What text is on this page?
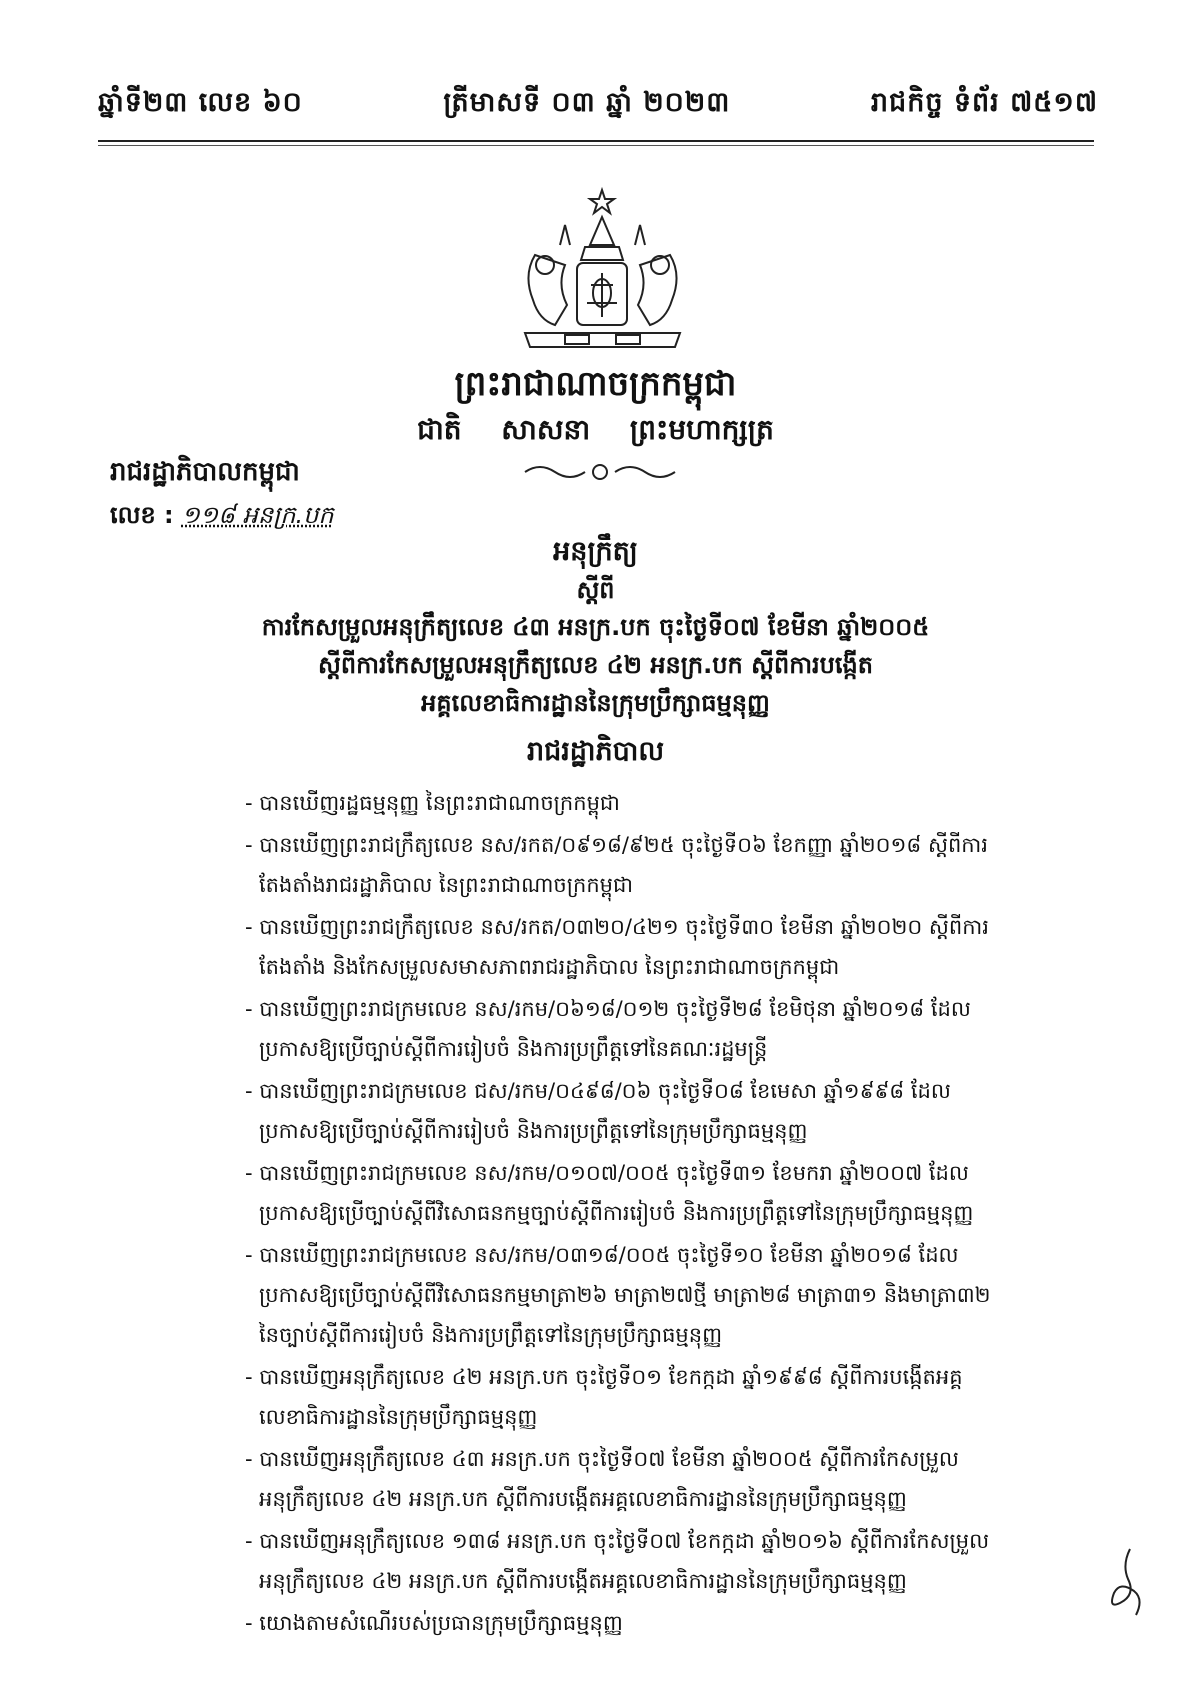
ឆ្នាំទី២៣ លេខ ៦០	ត្រីមាសទី ០៣ ឆ្នាំ ២០២៣	រាជកិច្ច ទំព័រ ៧៥១៧
ព្រះរាជាណាចក្រកម្ពុជា
ជាតិ សាសនា ព្រះមហាក្សត្រ
រាជរដ្ឋាភិបាលកម្ពុជា
លេខ : ១១៨ អនក្រ.បក
អនុក្រឹត្យ
ស្តីពី
ការកែសម្រួលអនុក្រឹត្យលេខ ៤៣ អនក្រ.បក ចុះថ្ងៃទី០៧ ខែមីនា ឆ្នាំ២០០៥
ស្តីពីការកែសម្រួលអនុក្រឹត្យលេខ ៤២ អនក្រ.បក ស្តីពីការបង្កើត
អគ្គលេខាធិការដ្ឋាននៃក្រុមប្រឹក្សាធម្មនុញ្ញ
រាជរដ្ឋាភិបាល
- បានឃើញរដ្ឋធម្មនុញ្ញ នៃព្រះរាជាណាចក្រកម្ពុជា
- បានឃើញព្រះរាជក្រឹត្យលេខ នស/រកត/០៩១៨/៩២៥ ចុះថ្ងៃទី០៦ ខែកញ្ញា ឆ្នាំ២០១៨ ស្តីពីការតែងតាំងរាជរដ្ឋាភិបាល នៃព្រះរាជាណាចក្រកម្ពុជា
- បានឃើញព្រះរាជក្រឹត្យលេខ នស/រកត/០៣២០/៤២១ ចុះថ្ងៃទី៣០ ខែមីនា ឆ្នាំ២០២០ ស្តីពីការតែងតាំង និងកែសម្រួលសមាសភាពរាជរដ្ឋាភិបាល នៃព្រះរាជាណាចក្រកម្ពុជា
- បានឃើញព្រះរាជក្រមលេខ នស/រកម/០៦១៨/០១២ ចុះថ្ងៃទី២៨ ខែមិថុនា ឆ្នាំ២០១៨ ដែលប្រកាសឱ្យប្រើច្បាប់ស្តីពីការរៀបចំ និងការប្រព្រឹត្តទៅនៃគណៈរដ្ឋមន្ត្រី
- បានឃើញព្រះរាជក្រមលេខ ជស/រកម/០៤៩៨/០៦ ចុះថ្ងៃទី០៨ ខែមេសា ឆ្នាំ១៩៩៨ ដែលប្រកាសឱ្យប្រើច្បាប់ស្តីពីការរៀបចំ និងការប្រព្រឹត្តទៅនៃក្រុមប្រឹក្សាធម្មនុញ្ញ
- បានឃើញព្រះរាជក្រមលេខ នស/រកម/០១០៧/០០៥ ចុះថ្ងៃទី៣១ ខែមករា ឆ្នាំ២០០៧ ដែលប្រកាសឱ្យប្រើច្បាប់ស្តីពីវិសោធនកម្មច្បាប់ស្តីពីការរៀបចំ និងការប្រព្រឹត្តទៅនៃក្រុមប្រឹក្សាធម្មនុញ្ញ
- បានឃើញព្រះរាជក្រមលេខ នស/រកម/០៣១៨/០០៥ ចុះថ្ងៃទី១០ ខែមីនា ឆ្នាំ២០១៨ ដែលប្រកាសឱ្យប្រើច្បាប់ស្តីពីវិសោធនកម្មមាត្រា២៦ មាត្រា២៧ថ្មី មាត្រា២៨ មាត្រា៣១ និងមាត្រា៣២ នៃច្បាប់ស្តីពីការរៀបចំ និងការប្រព្រឹត្តទៅនៃក្រុមប្រឹក្សាធម្មនុញ្ញ
- បានឃើញអនុក្រឹត្យលេខ ៤២ អនក្រ.បក ចុះថ្ងៃទី០១ ខែកក្កដា ឆ្នាំ១៩៩៨ ស្តីពីការបង្កើតអគ្គលេខាធិការដ្ឋាននៃក្រុមប្រឹក្សាធម្មនុញ្ញ
- បានឃើញអនុក្រឹត្យលេខ ៤៣ អនក្រ.បក ចុះថ្ងៃទី០៧ ខែមីនា ឆ្នាំ២០០៥ ស្តីពីការកែសម្រួលអនុក្រឹត្យលេខ ៤២ អនក្រ.បក ស្តីពីការបង្កើតអគ្គលេខាធិការដ្ឋាននៃក្រុមប្រឹក្សាធម្មនុញ្ញ
- បានឃើញអនុក្រឹត្យលេខ ១៣៨ អនក្រ.បក ចុះថ្ងៃទី០៧ ខែកក្កដា ឆ្នាំ២០១៦ ស្តីពីការកែសម្រួលអនុក្រឹត្យលេខ ៤២ អនក្រ.បក ស្តីពីការបង្កើតអគ្គលេខាធិការដ្ឋាននៃក្រុមប្រឹក្សាធម្មនុញ្ញ
- យោងតាមសំណើរបស់ប្រធានក្រុមប្រឹក្សាធម្មនុញ្ញ
